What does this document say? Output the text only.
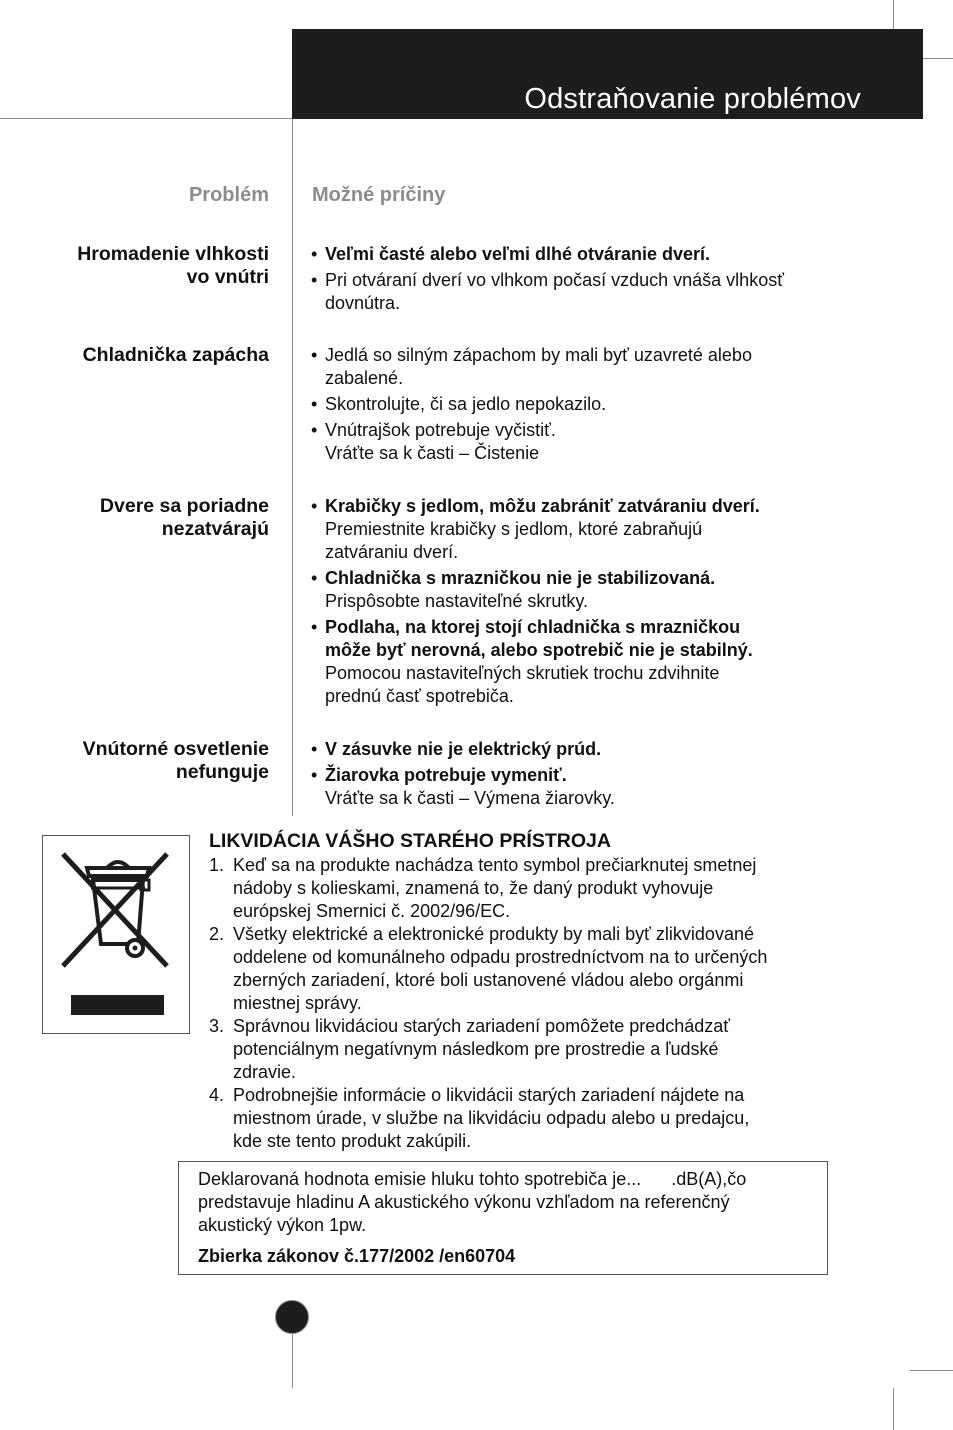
Odstraňovanie problémov
Problém Možné príčiny
Hromadenie vlhkosti
vo vnútri
• Veľmi časté alebo veľmi dlhé otváranie dverí.
• Pri otváraní dverí vo vlhkom počasí vzduch vnáša vlhkosť
dovnútra.
Chladnička zapácha
•	Jedlá so silným zápachom by mali byť uzavreté alebo
zabalené.
• Skontrolujte, či sa jedlo nepokazilo.
• Vnútrajšok potrebuje vyčistiť.
Vráťte sa k časti – Čistenie
Dvere sa poriadne
nezatvárajú
• Krabičky s jedlom, môžu zabrániť zatváraniu dverí.
Premiestnite krabičky s jedlom, ktoré zabraňujú
zatváraniu dverí.
• Chladnička s mrazničkou nie je stabilizovaná.
Prispôsobte nastaviteľné skrutky.
• Podlaha, na ktorej stojí chladnička s mrazničkou
môže byť nerovná, alebo spotrebič nie je stabilný.
Pomocou nastaviteľných skrutiek trochu zdvihnite
prednú časť spotrebiča.
Vnútorné osvetlenie
nefunguje
• V zásuvke nie je elektrický prúd.
• Žiarovka potrebuje vymeniť.
Vráťte sa k časti – Výmena žiarovky.
LIKVIDÁCIA VÁŠHO STARÉHO PRÍSTROJA
1. Keď sa na produkte nachádza tento symbol prečiarknutej smetnej
nádoby s kolieskami, znamená to, že daný produkt vyhovuje
európskej Smernici č. 2002/96/EC.
2. Všetky elektrické a elektronické produkty by mali byť zlikvidované
oddelene od komunálneho odpadu prostredníctvom na to určených
zberných zariadení, ktoré boli ustanovené vládou alebo orgánmi
miestnej správy.
3. Správnou likvidáciou starých zariadení pomôžete predchádzať
potenciálnym negatívnym následkom pre prostredie a ľudské
zdravie.
4. Podrobnejšie informácie o likvidácii starých zariadení nájdete na
miestnom úrade, v službe na likvidáciu odpadu alebo u predajcu,
kde ste tento produkt zakúpili.
Deklarovaná hodnota emisie hluku tohto spotrebiča je...      .dB(A),čo
predstavuje hladinu A akustického výkonu vzhľadom na referenčný
akustický výkon 1pw.
Zbierka zákonov č.177/2002 /en60704
